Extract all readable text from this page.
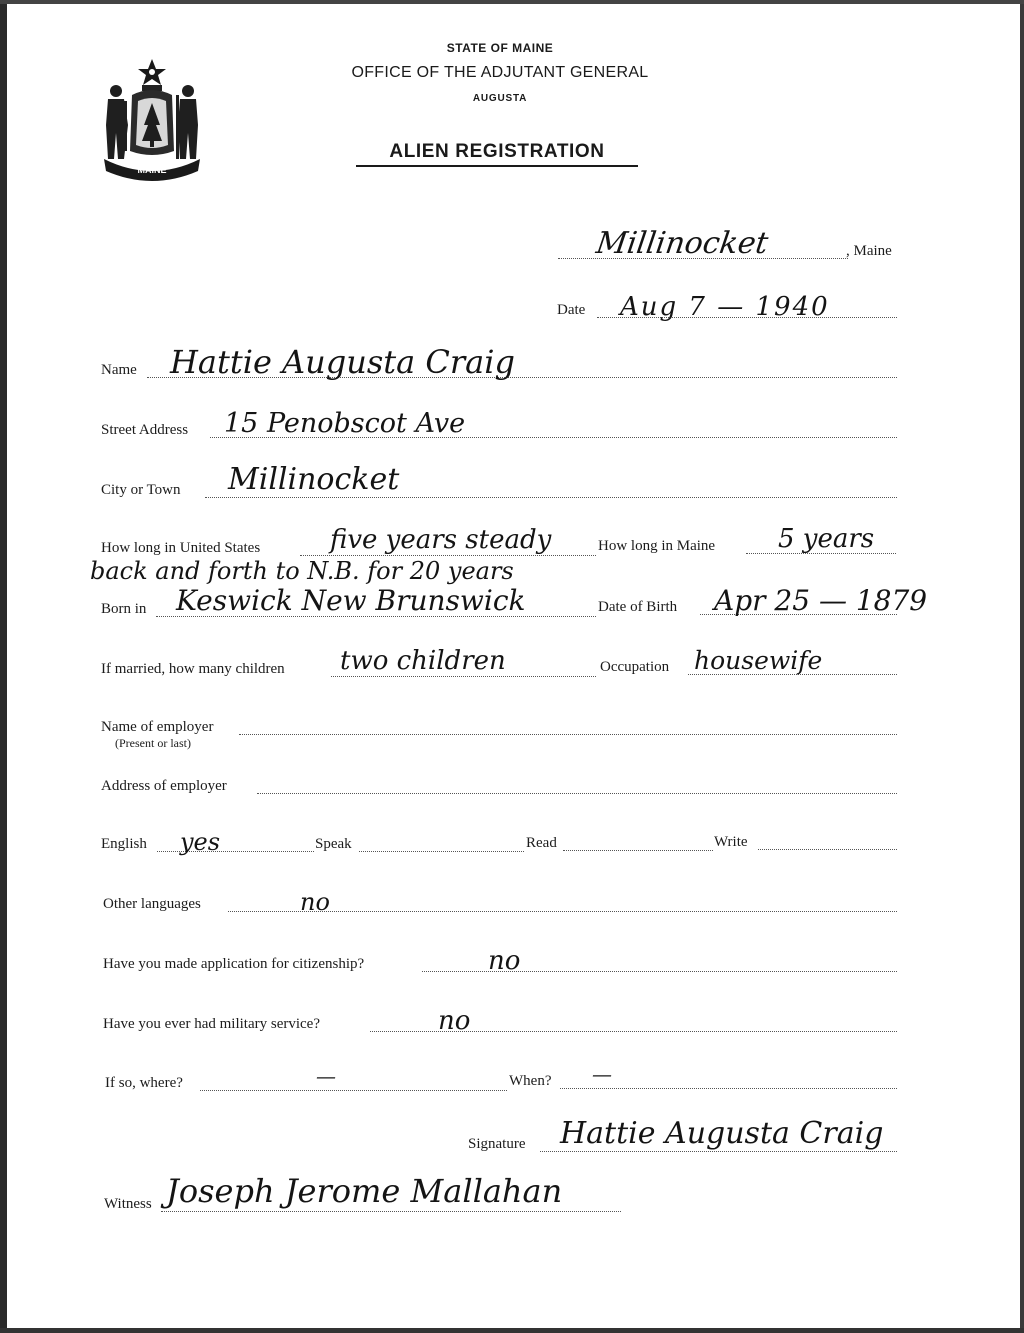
MAINE
STATE OF MAINE
OFFICE OF THE ADJUTANT GENERAL
AUGUSTA
ALIEN REGISTRATION
Millinocket	, Maine
Date Aug 7 — 1940
Name Hattie Augusta Craig
Street Address 15 Penobscot Ave
City or Town Millinocket
How long in United States	five years steady	How long in Maine 5 years
back and forth to N.B. for 20 years
Born in Keswick New Brunswick	Date of Birth Apr 25 — 1879
If married, how many children two children	Occupation housewife
Name of employer
(Present or last)
Address of employer
English yes	Speak	Read	Write
Other languages	no
Have you made application for citizenship?	no
Have you ever had military service?	no
If so, where?	—	When? —
Signature Hattie Augusta Craig
Witness Joseph Jerome Mallahan
